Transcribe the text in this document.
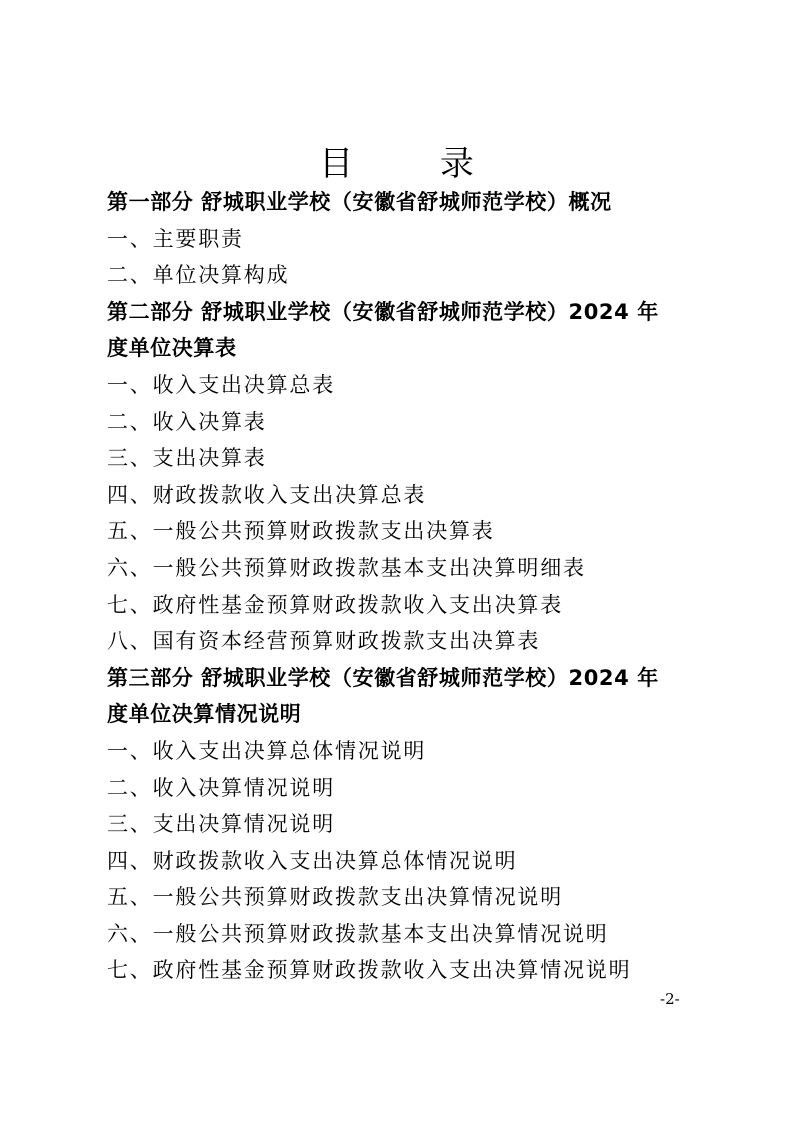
目 录
第一部分 舒城职业学校（安徽省舒城师范学校）概况
一、主要职责
二、单位决算构成
第二部分 舒城职业学校（安徽省舒城师范学校）2024 年
度单位决算表
一、收入支出决算总表
二、收入决算表
三、支出决算表
四、财政拨款收入支出决算总表
五、一般公共预算财政拨款支出决算表
六、一般公共预算财政拨款基本支出决算明细表
七、政府性基金预算财政拨款收入支出决算表
八、国有资本经营预算财政拨款支出决算表
第三部分 舒城职业学校（安徽省舒城师范学校）2024 年
度单位决算情况说明
一、收入支出决算总体情况说明
二、收入决算情况说明
三、支出决算情况说明
四、财政拨款收入支出决算总体情况说明
五、一般公共预算财政拨款支出决算情况说明
六、一般公共预算财政拨款基本支出决算情况说明
七、政府性基金预算财政拨款收入支出决算情况说明
-2-
